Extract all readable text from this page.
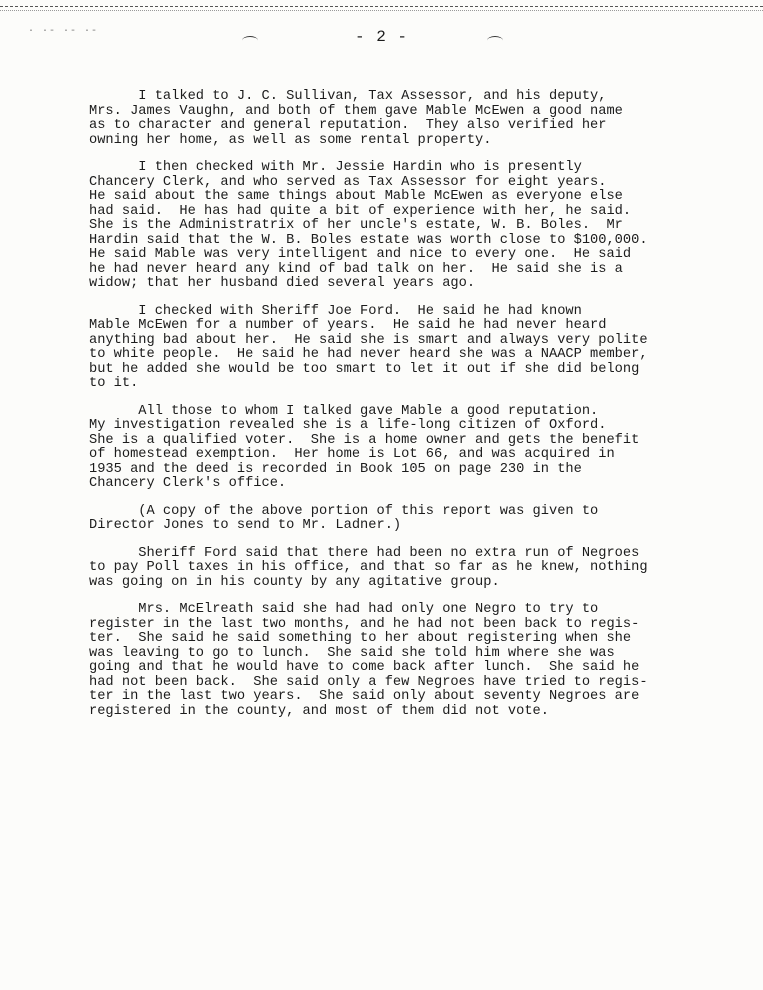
· ·- ·- ·-	- 2 -

I talked to J. C. Sullivan, Tax Assessor, and his deputy,
Mrs. James Vaughn, and both of them gave Mable McEwen a good name
as to character and general reputation.  They also verified her
owning her home, as well as some rental property.

I then checked with Mr. Jessie Hardin who is presently
Chancery Clerk, and who served as Tax Assessor for eight years.
He said about the same things about Mable McEwen as everyone else
had said.  He has had quite a bit of experience with her, he said.
She is the Administratrix of her uncle's estate, W. B. Boles.  Mr
Hardin said that the W. B. Boles estate was worth close to $100,000.
He said Mable was very intelligent and nice to every one.  He said
he had never heard any kind of bad talk on her.  He said she is a
widow; that her husband died several years ago.

I checked with Sheriff Joe Ford.  He said he had known
Mable McEwen for a number of years.  He said he had never heard
anything bad about her.  He said she is smart and always very polite
to white people.  He said he had never heard she was a NAACP member,
but he added she would be too smart to let it out if she did belong
to it.

All those to whom I talked gave Mable a good reputation.
My investigation revealed she is a life-long citizen of Oxford.
She is a qualified voter.  She is a home owner and gets the benefit
of homestead exemption.  Her home is Lot 66, and was acquired in
1935 and the deed is recorded in Book 105 on page 230 in the
Chancery Clerk's office.

(A copy of the above portion of this report was given to
Director Jones to send to Mr. Ladner.)

Sheriff Ford said that there had been no extra run of Negroes
to pay Poll taxes in his office, and that so far as he knew, nothing
was going on in his county by any agitative group.

Mrs. McElreath said she had had only one Negro to try to
register in the last two months, and he had not been back to regis-
ter.  She said he said something to her about registering when she
was leaving to go to lunch.  She said she told him where she was
going and that he would have to come back after lunch.  She said he
had not been back.  She said only a few Negroes have tried to regis-
ter in the last two years.  She said only about seventy Negroes are
registered in the county, and most of them did not vote.
